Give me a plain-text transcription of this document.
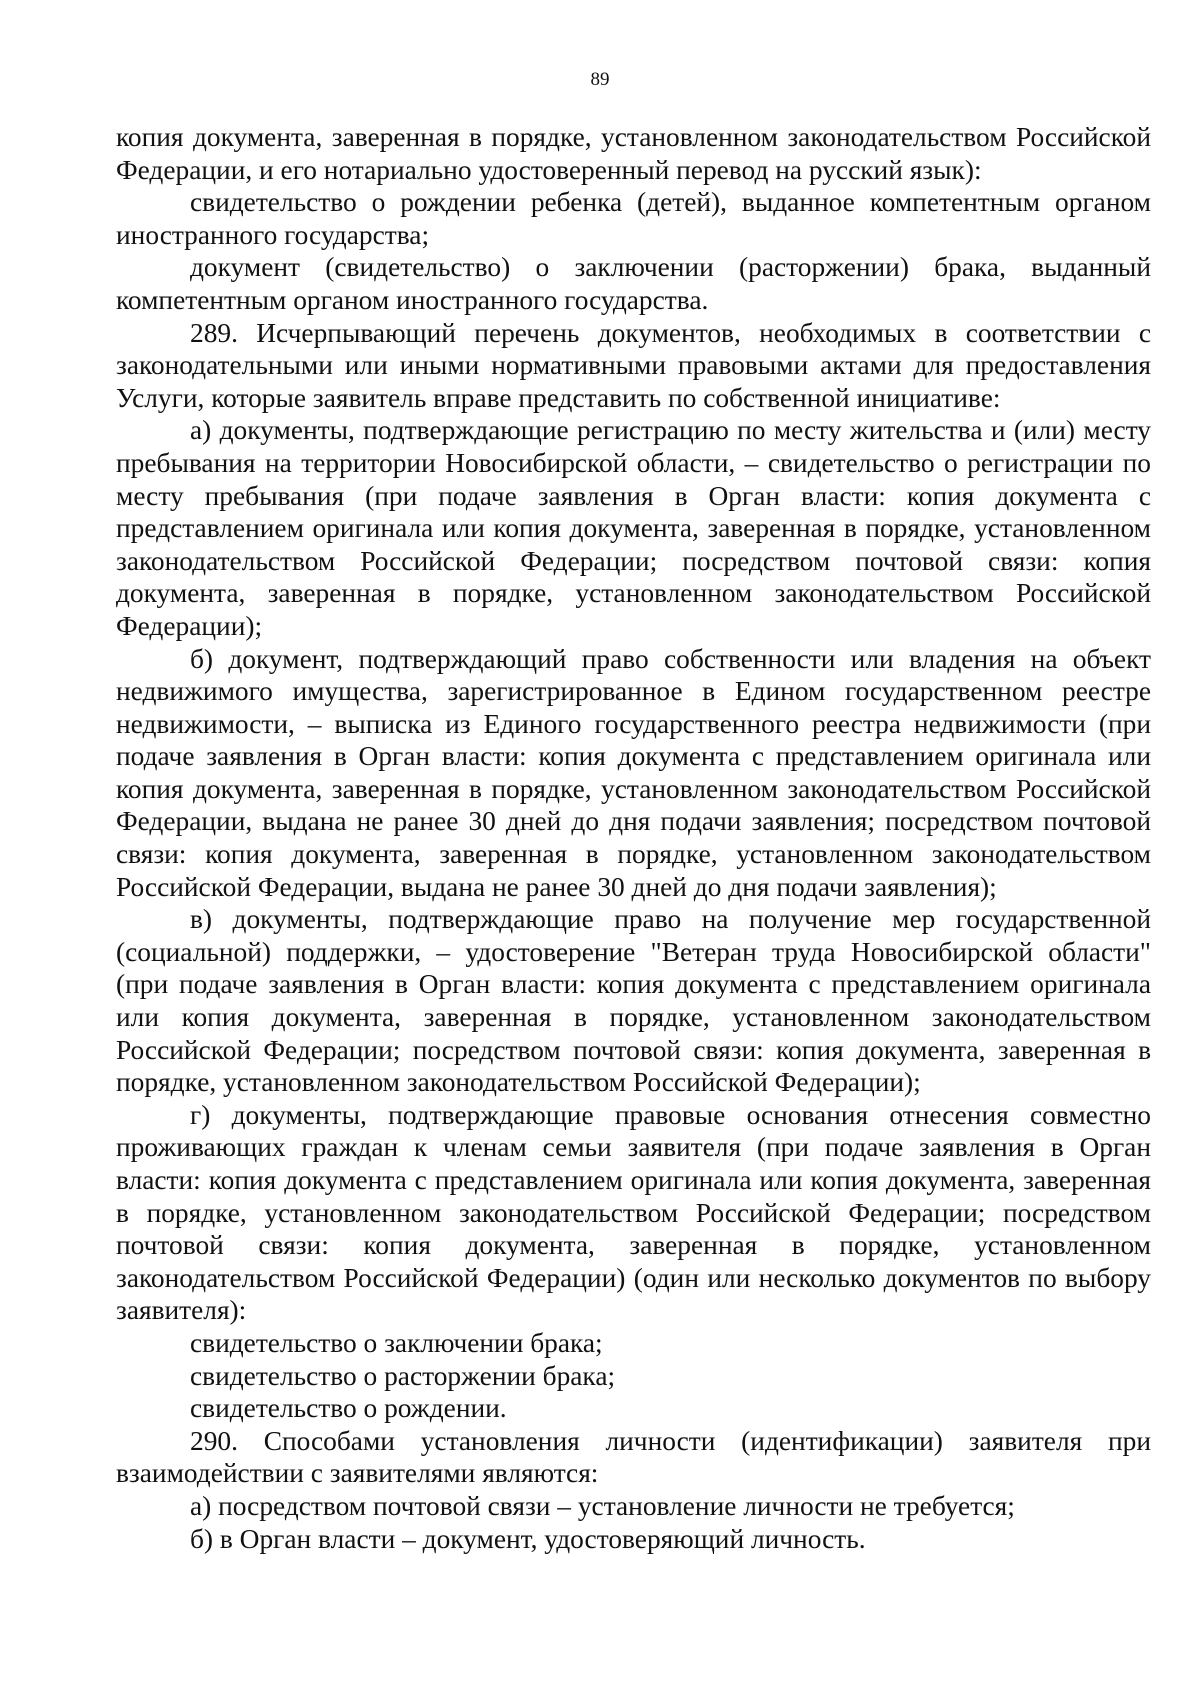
89

копия документа, заверенная в порядке, установленном законодательством Российской Федерации, и его нотариально удостоверенный перевод на русский язык):

свидетельство о рождении ребенка (детей), выданное компетентным органом иностранного государства;

документ (свидетельство) о заключении (расторжении) брака, выданный компетентным органом иностранного государства.

289. Исчерпывающий перечень документов, необходимых в соответствии с законодательными или иными нормативными правовыми актами для предоставления Услуги, которые заявитель вправе представить по собственной инициативе:

а) документы, подтверждающие регистрацию по месту жительства и (или) месту пребывания на территории Новосибирской области, – свидетельство о регистрации по месту пребывания (при подаче заявления в Орган власти: копия документа с представлением оригинала или копия документа, заверенная в порядке, установленном законодательством Российской Федерации; посредством почтовой связи: копия документа, заверенная в порядке, установленном законодательством Российской Федерации);

б) документ, подтверждающий право собственности или владения на объект недвижимого имущества, зарегистрированное в Едином государственном реестре недвижимости, – выписка из Единого государственного реестра недвижимости (при подаче заявления в Орган власти: копия документа с представлением оригинала или копия документа, заверенная в порядке, установленном законодательством Российской Федерации, выдана не ранее 30 дней до дня подачи заявления; посредством почтовой связи: копия документа, заверенная в порядке, установленном законодательством Российской Федерации, выдана не ранее 30 дней до дня подачи заявления);

в) документы, подтверждающие право на получение мер государственной (социальной) поддержки, – удостоверение "Ветеран труда Новосибирской области" (при подаче заявления в Орган власти: копия документа с представлением оригинала или копия документа, заверенная в порядке, установленном законодательством Российской Федерации; посредством почтовой связи: копия документа, заверенная в порядке, установленном законодательством Российской Федерации);

г) документы, подтверждающие правовые основания отнесения совместно проживающих граждан к членам семьи заявителя (при подаче заявления в Орган власти: копия документа с представлением оригинала или копия документа, заверенная в порядке, установленном законодательством Российской Федерации; посредством почтовой связи: копия документа, заверенная в порядке, установленном законодательством Российской Федерации) (один или несколько документов по выбору заявителя):

свидетельство о заключении брака;

свидетельство о расторжении брака;

свидетельство о рождении.

290. Способами установления личности (идентификации) заявителя при взаимодействии с заявителями являются:

а) посредством почтовой связи – установление личности не требуется;

б) в Орган власти – документ, удостоверяющий личность.
